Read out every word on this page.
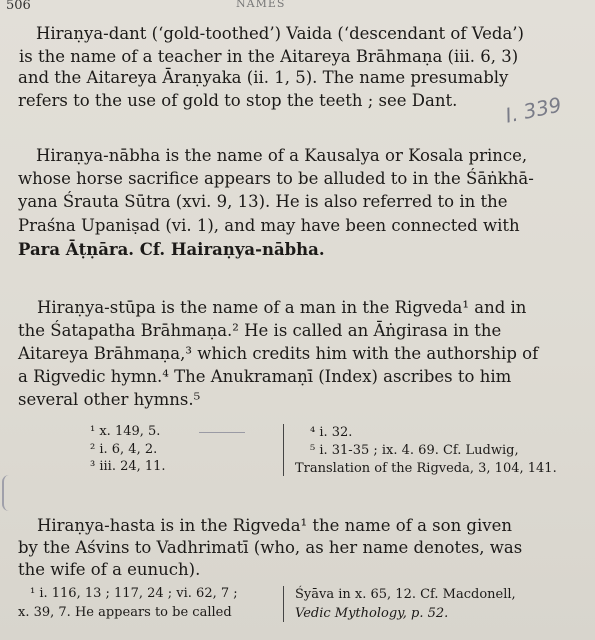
506	NAMES
Hiraṇya-dant (‘gold-toothed’) Vaida (‘descendant of Veda’)
is the name of a teacher in the Aitareya Brāhmaṇa (iii. 6, 3)
and the Aitareya Āraṇyaka (ii. 1, 5). The name presumably
refers to the use of gold to stop the teeth ; see Dant. I. 339
Hiraṇya-nābha is the name of a Kausalya or Kosala prince,
whose horse sacrifice appears to be alluded to in the Śāṅkhā-
yana Śrauta Sūtra (xvi. 9, 13). He is also referred to in the
Praśna Upaniṣad (vi. 1), and may have been connected with
Para Āṭṇāra. Cf. Hairaṇya-nābha.
Hiraṇya-stūpa is the name of a man in the Rigveda¹ and in
the Śatapatha Brāhmaṇa.² He is called an Āṅgirasa in the
Aitareya Brāhmaṇa,³ which credits him with the authorship of
a Rigvedic hymn.⁴ The Anukramaṇī (Index) ascribes to him
several other hymns.⁵
¹ x. 149, 5.
² i. 6, 4, 2.
³ iii. 24, 11.
⁴ i. 32.
⁵ i. 31-35 ; ix. 4. 69. Cf. Ludwig,
Translation of the Rigveda, 3, 104, 141.
Hiraṇya-hasta is in the Rigveda¹ the name of a son given
by the Aśvins to Vadhrimatī (who, as her name denotes, was
the wife of a eunuch).
¹ i. 116, 13 ; 117, 24 ; vi. 62, 7 ;
x. 39, 7. He appears to be called
Śyāva in x. 65, 12. Cf. Macdonell,
Vedic Mythology, p. 52.
